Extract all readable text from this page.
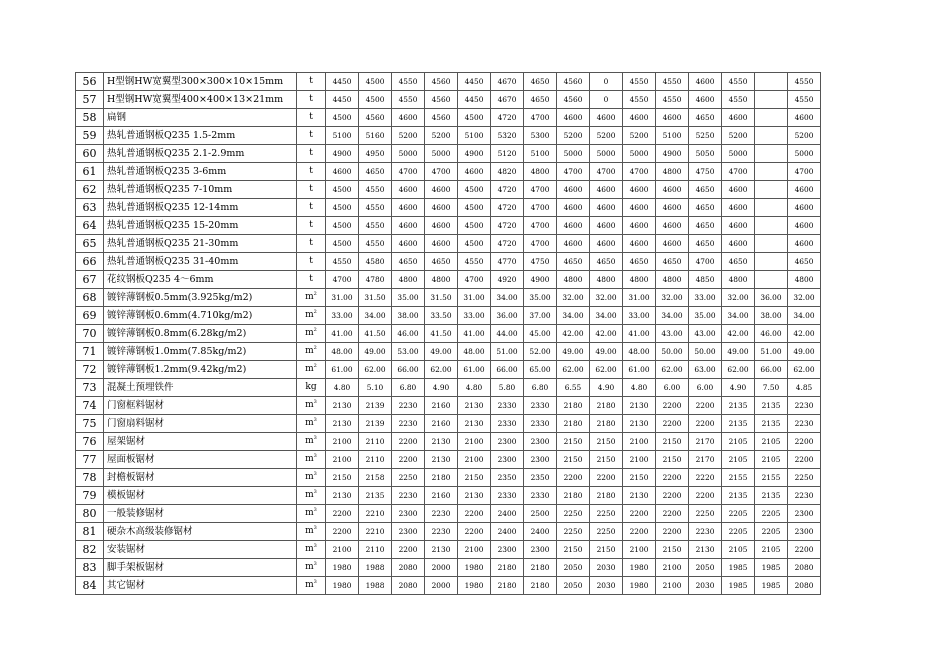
56	H型钢HW宽翼型300×300×10×15mm	t	4450	4500	4550	4560	4450	4670	4650	4560	0	4550	4550	4600	4550		4550
57	H型钢HW宽翼型400×400×13×21mm	t	4450	4500	4550	4560	4450	4670	4650	4560	0	4550	4550	4600	4550		4550
58	扁钢	t	4500	4560	4600	4560	4500	4720	4700	4600	4600	4600	4600	4650	4600		4600
59	热轧普通钢板Q235 1.5-2mm	t	5100	5160	5200	5200	5100	5320	5300	5200	5200	5200	5100	5250	5200		5200
60	热轧普通钢板Q235 2.1-2.9mm	t	4900	4950	5000	5000	4900	5120	5100	5000	5000	5000	4900	5050	5000		5000
61	热轧普通钢板Q235 3-6mm	t	4600	4650	4700	4700	4600	4820	4800	4700	4700	4700	4800	4750	4700		4700
62	热轧普通钢板Q235 7-10mm	t	4500	4550	4600	4600	4500	4720	4700	4600	4600	4600	4600	4650	4600		4600
63	热轧普通钢板Q235 12-14mm	t	4500	4550	4600	4600	4500	4720	4700	4600	4600	4600	4600	4650	4600		4600
64	热轧普通钢板Q235 15-20mm	t	4500	4550	4600	4600	4500	4720	4700	4600	4600	4600	4600	4650	4600		4600
65	热轧普通钢板Q235 21-30mm	t	4500	4550	4600	4600	4500	4720	4700	4600	4600	4600	4600	4650	4600		4600
66	热轧普通钢板Q235 31-40mm	t	4550	4580	4650	4650	4550	4770	4750	4650	4650	4650	4650	4700	4650		4650
67	花纹钢板Q235 4～6mm	t	4700	4780	4800	4800	4700	4920	4900	4800	4800	4800	4800	4850	4800		4800
68	镀锌薄钢板0.5mm(3.925kg/m2)	$m^2$	31.00	31.50	35.00	31.50	31.00	34.00	35.00	32.00	32.00	31.00	32.00	33.00	32.00	36.00	32.00
69	镀锌薄钢板0.6mm(4.710kg/m2)	$m^2$	33.00	34.00	38.00	33.50	33.00	36.00	37.00	34.00	34.00	33.00	34.00	35.00	34.00	38.00	34.00
70	镀锌薄钢板0.8mm(6.28kg/m2)	$m^2$	41.00	41.50	46.00	41.50	41.00	44.00	45.00	42.00	42.00	41.00	43.00	43.00	42.00	46.00	42.00
71	镀锌薄钢板1.0mm(7.85kg/m2)	$m^2$	48.00	49.00	53.00	49.00	48.00	51.00	52.00	49.00	49.00	48.00	50.00	50.00	49.00	51.00	49.00
72	镀锌薄钢板1.2mm(9.42kg/m2)	$m^2$	61.00	62.00	66.00	62.00	61.00	66.00	65.00	62.00	62.00	61.00	62.00	63.00	62.00	66.00	62.00
73	混凝土预埋铁件	kg	4.80	5.10	6.80	4.90	4.80	5.80	6.80	6.55	4.90	4.80	6.00	6.00	4.90	7.50	4.85
74	门窗框料锯材	$m^3$	2130	2139	2230	2160	2130	2330	2330	2180	2180	2130	2200	2200	2135	2135	2230
75	门窗扇料锯材	$m^3$	2130	2139	2230	2160	2130	2330	2330	2180	2180	2130	2200	2200	2135	2135	2230
76	屋架锯材	$m^3$	2100	2110	2200	2130	2100	2300	2300	2150	2150	2100	2150	2170	2105	2105	2200
77	屋面板锯材	$m^3$	2100	2110	2200	2130	2100	2300	2300	2150	2150	2100	2150	2170	2105	2105	2200
78	封檐板锯材	$m^3$	2150	2158	2250	2180	2150	2350	2350	2200	2200	2150	2200	2220	2155	2155	2250
79	模板锯材	$m^3$	2130	2135	2230	2160	2130	2330	2330	2180	2180	2130	2200	2200	2135	2135	2230
80	一般装修锯材	$m^3$	2200	2210	2300	2230	2200	2400	2500	2250	2250	2200	2200	2250	2205	2205	2300
81	硬杂木高级装修锯材	$m^3$	2200	2210	2300	2230	2200	2400	2400	2250	2250	2200	2200	2230	2205	2205	2300
82	安装锯材	$m^3$	2100	2110	2200	2130	2100	2300	2300	2150	2150	2100	2150	2130	2105	2105	2200
83	脚手架板锯材	$m^3$	1980	1988	2080	2000	1980	2180	2180	2050	2030	1980	2100	2050	1985	1985	2080
84	其它锯材	$m^3$	1980	1988	2080	2000	1980	2180	2180	2050	2030	1980	2100	2030	1985	1985	2080
